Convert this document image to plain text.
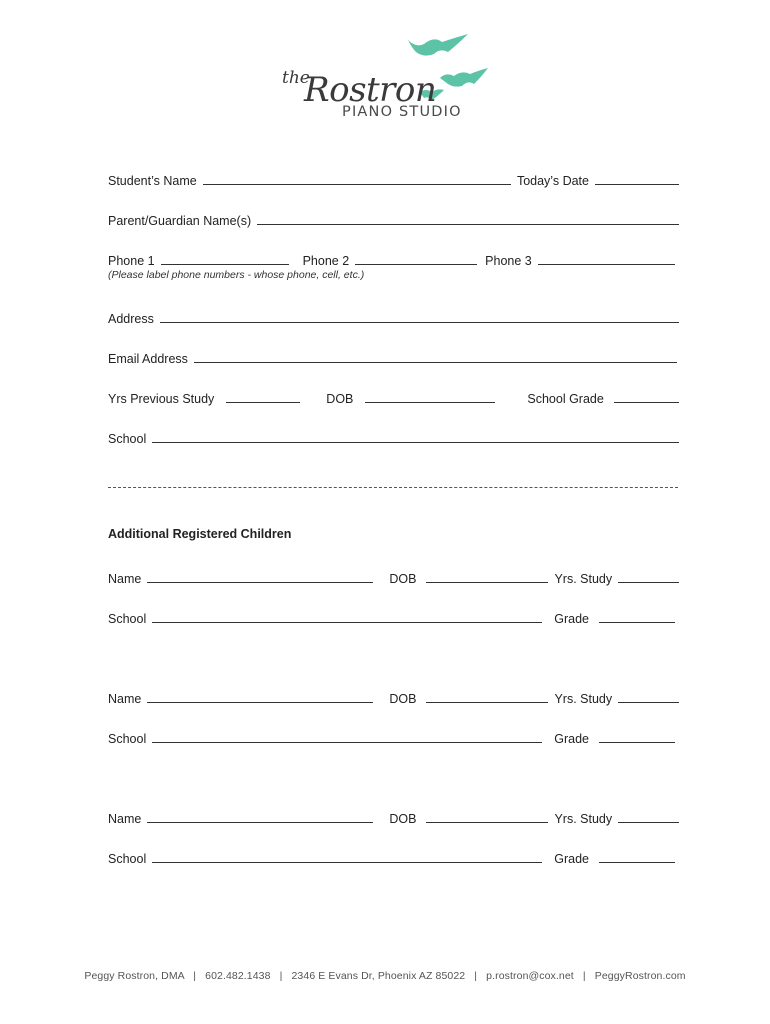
the
Rostron
PIANO STUDIO
Student’s Name	Today’s Date
Parent/Guardian Name(s)
Phone 1	Phone 2	Phone 3
(Please label phone numbers - whose phone, cell, etc.)
Address
Email Address
Yrs Previous Study	DOB	School Grade
School
Additional Registered Children
Name	DOB	Yrs. Study
School	Grade
Name	DOB	Yrs. Study
School	Grade
Name	DOB	Yrs. Study
School	Grade
Peggy Rostron, DMA   |   602.482.1438   |   2346 E Evans Dr, Phoenix AZ 85022   |   p.rostron@cox.net   |   PeggyRostron.com
